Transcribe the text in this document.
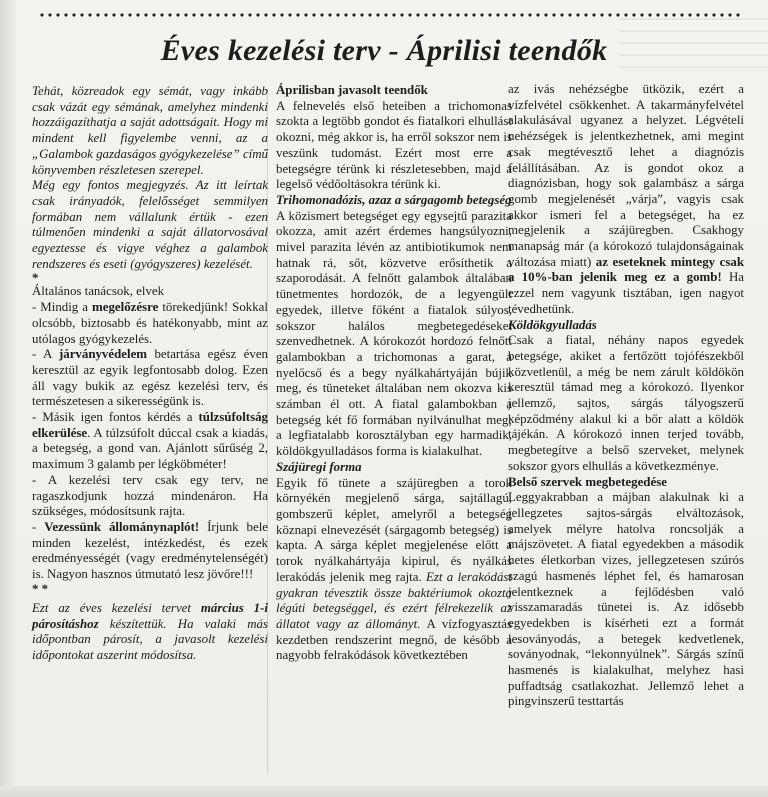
Éves kezelési terv - Áprilisi teendők

Tehát, közreadok egy sémát, vagy inkább csak vázát egy sémának, amelyhez mindenki hozzáigazíthatja a saját adottságait. Hogy mi mindent kell figyelembe venni, az a „Galambok gazdaságos gyógykezelése” című könyvemben részletesen szerepel.

Még egy fontos megjegyzés. Az itt leírtak csak irányadók, felelősséget semmilyen formában nem vállalunk értük - ezen túlmenően mindenki a saját állatorvosával egyeztesse és vigye véghez a galambok rendszeres és eseti (gyógyszeres) kezelését.

*

Általános tanácsok, elvek

- Mindig a megelőzésre törekedjünk! Sokkal olcsóbb, biztosabb és hatékonyabb, mint az utólagos gyógykezelés.

- A járványvédelem betartása egész éven keresztül az egyik legfontosabb dolog. Ezen áll vagy bukik az egész kezelési terv, és természetesen a sikerességünk is.

- Másik igen fontos kérdés a túlzsúfoltság elkerülése. A túlzsúfolt dúccal csak a kiadás, a betegség, a gond van. Ajánlott sűrűség 2, maximum 3 galamb per légköbméter!

- A kezelési terv csak egy terv, ne ragaszkodjunk hozzá mindenáron. Ha szükséges, módosítsunk rajta.

- Vezessünk állománynaplót! Írjunk bele minden kezelést, intézkedést, és ezek eredményességét (vagy eredménytelenségét) is. Nagyon hasznos útmutató lesz jövőre!!!

* *

Ezt az éves kezelési tervet március 1-i párosításhoz készítettük. Ha valaki más időpontban párosít, a javasolt kezelési időpontokat aszerint módosítsa.

Áprilisban javasolt teendők

A felnevelés első heteiben a trichomonas szokta a legtöbb gondot és fiatalkori elhullást okozni, még akkor is, ha erről sokszor nem is veszünk tudomást. Ezért most erre a betegségre térünk ki részletesebben, majd a legelső védőoltásokra térünk ki.

Trihomonadózis, azaz a sárgagomb betegség

A közismert betegséget egy egysejtű parazita okozza, amit azért érdemes hangsúlyozni, mivel parazita lévén az antibiotikumok nem hatnak rá, sőt, közvetve erősíthetik a szaporodását. A felnőtt galambok általában tünetmentes hordozók, de a legyengült egyedek, illetve főként a fiatalok súlyos, sokszor halálos megbetegedéseket szenvedhetnek. A kórokozót hordozó felnőtt galambokban a trichomonas a garat, a nyelőcső és a begy nyálkahártyáján bújik meg, és tüneteket általában nem okozva kis számban él ott. A fiatal galambokban a betegség két fő formában nyilvánulhat meg; a legfiatalabb korosztályban egy harmadik, köldökgyulladásos forma is kialakulhat.

Szájüregi forma

Egyik fő tünete a szájüregben a torok környékén megjelenő sárga, sajtállagú, gombszerű képlet, amelyről a betegség köznapi elnevezését (sárgagomb betegség) is kapta. A sárga képlet megjelenése előtt a torok nyálkahártyája kipirul, és nyálkás lerakódás jelenik meg rajta. Ezt a lerakódást gyakran tévesztik össze baktériumok okozta légúti betegséggel, és ezért félrekezelik az állatot vagy az állományt. A vízfogyasztás kezdetben rendszerint megnő, de később a nagyobb felrakódások következtében

az ivás nehézségbe ütközik, ezért a vízfelvétel csökkenhet. A takarmányfelvétel alakulásával ugyanez a helyzet. Légvételi nehézségek is jelentkezhetnek, ami megint csak megtévesztő lehet a diagnózis felállításában. Az is gondot okoz a diagnózisban, hogy sok galambász a sárga gomb megjelenését „várja”, vagyis csak akkor ismeri fel a betegséget, ha ez megjelenik a szájüregben. Csakhogy manapság már (a kórokozó tulajdonságainak változása miatt) az eseteknek mintegy csak a 10%-ban jelenik meg ez a gomb! Ha ezzel nem vagyunk tisztában, igen nagyot tévedhetünk.

Köldökgyulladás

Csak a fiatal, néhány napos egyedek betegsége, akiket a fertőzött tojófészekből közvetlenül, a még be nem zárult köldökön keresztül támad meg a kórokozó. Ilyenkor jellemző, sajtos, sárgás tályogszerű képződmény alakul ki a bőr alatt a köldök tájékán. A kórokozó innen terjed tovább, megbetegítve a belső szerveket, melynek sokszor gyors elhullás a következménye.

Belső szervek megbetegedése

Leggyakrabban a májban alakulnak ki a jellegzetes sajtos-sárgás elváltozások, amelyek mélyre hatolva roncsolják a májszövetet. A fiatal egyedekben a második hetes életkorban vizes, jellegzetesen szúrós szagú hasmenés léphet fel, és hamarosan jelentkeznek a fejlődésben való visszamaradás tünetei is. Az idősebb egyedekben is kísérheti ezt a formát lesoványodás, a betegek kedvetlenek, soványodnak, “lekonnyúlnek”. Sárgás színű hasmenés is kialakulhat, melyhez hasi puffadtság csatlakozhat. Jellemző lehet a pingvinszerű testtartás
